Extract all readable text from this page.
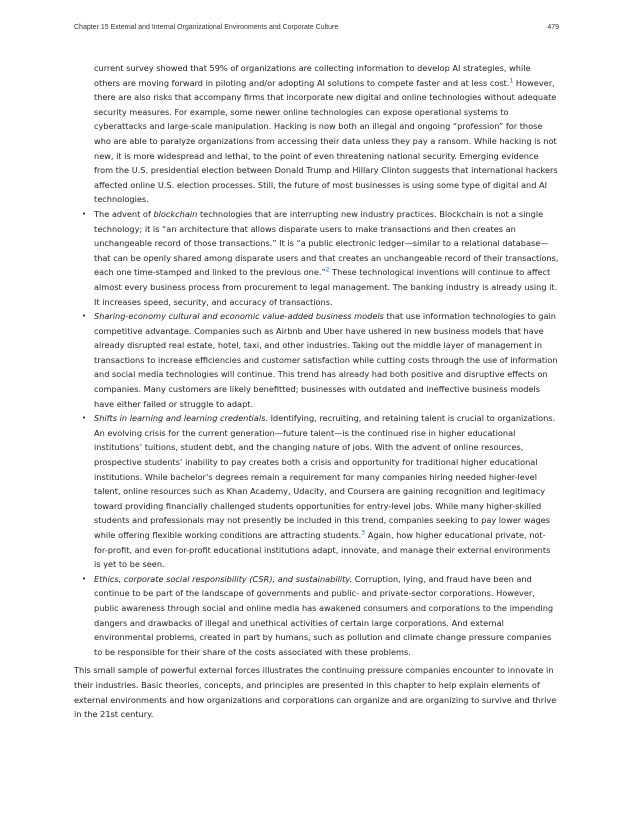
Chapter 15 External and Internal Organizational Environments and Corporate Culture	479

current survey showed that 59% of organizations are collecting information to develop AI strategies, while others are moving forward in piloting and/or adopting AI solutions to compete faster and at less cost.$^1$ However, there are also risks that accompany firms that incorporate new digital and online technologies without adequate security measures. For example, some newer online technologies can expose operational systems to cyberattacks and large-scale manipulation. Hacking is now both an illegal and ongoing “profession” for those who are able to paralyze organizations from accessing their data unless they pay a ransom. While hacking is not new, it is more widespread and lethal, to the point of even threatening national security. Emerging evidence from the U.S. presidential election between Donald Trump and Hillary Clinton suggests that international hackers affected online U.S. election processes. Still, the future of most businesses is using some type of digital and AI technologies.

• The advent of blockchain technologies that are interrupting new industry practices. Blockchain is not a single technology; it is “an architecture that allows disparate users to make transactions and then creates an unchangeable record of those transactions.” It is “a public electronic ledger—similar to a relational database—that can be openly shared among disparate users and that creates an unchangeable record of their transactions, each one time-stamped and linked to the previous one.”$^2$ These technological inventions will continue to affect almost every business process from procurement to legal management. The banking industry is already using it. It increases speed, security, and accuracy of transactions.
• Sharing-economy cultural and economic value-added business models that use information technologies to gain competitive advantage. Companies such as Airbnb and Uber have ushered in new business models that have already disrupted real estate, hotel, taxi, and other industries. Taking out the middle layer of management in transactions to increase efficiencies and customer satisfaction while cutting costs through the use of information and social media technologies will continue. This trend has already had both positive and disruptive effects on companies. Many customers are likely benefitted; businesses with outdated and ineffective business models have either failed or struggle to adapt.
• Shifts in learning and learning credentials. Identifying, recruiting, and retaining talent is crucial to organizations. An evolving crisis for the current generation—future talent—is the continued rise in higher educational institutions’ tuitions, student debt, and the changing nature of jobs. With the advent of online resources, prospective students’ inability to pay creates both a crisis and opportunity for traditional higher educational institutions. While bachelor’s degrees remain a requirement for many companies hiring needed higher-level talent, online resources such as Khan Academy, Udacity, and Coursera are gaining recognition and legitimacy toward providing financially challenged students opportunities for entry-level jobs. While many higher-skilled students and professionals may not presently be included in this trend, companies seeking to pay lower wages while offering flexible working conditions are attracting students.$^3$ Again, how higher educational private, not-for-profit, and even for-profit educational institutions adapt, innovate, and manage their external environments is yet to be seen.
• Ethics, corporate social responsibility (CSR), and sustainability. Corruption, lying, and fraud have been and continue to be part of the landscape of governments and public- and private-sector corporations. However, public awareness through social and online media has awakened consumers and corporations to the impending dangers and drawbacks of illegal and unethical activities of certain large corporations. And external environmental problems, created in part by humans, such as pollution and climate change pressure companies to be responsible for their share of the costs associated with these problems.

This small sample of powerful external forces illustrates the continuing pressure companies encounter to innovate in their industries. Basic theories, concepts, and principles are presented in this chapter to help explain elements of external environments and how organizations and corporations can organize and are organizing to survive and thrive in the 21st century.
